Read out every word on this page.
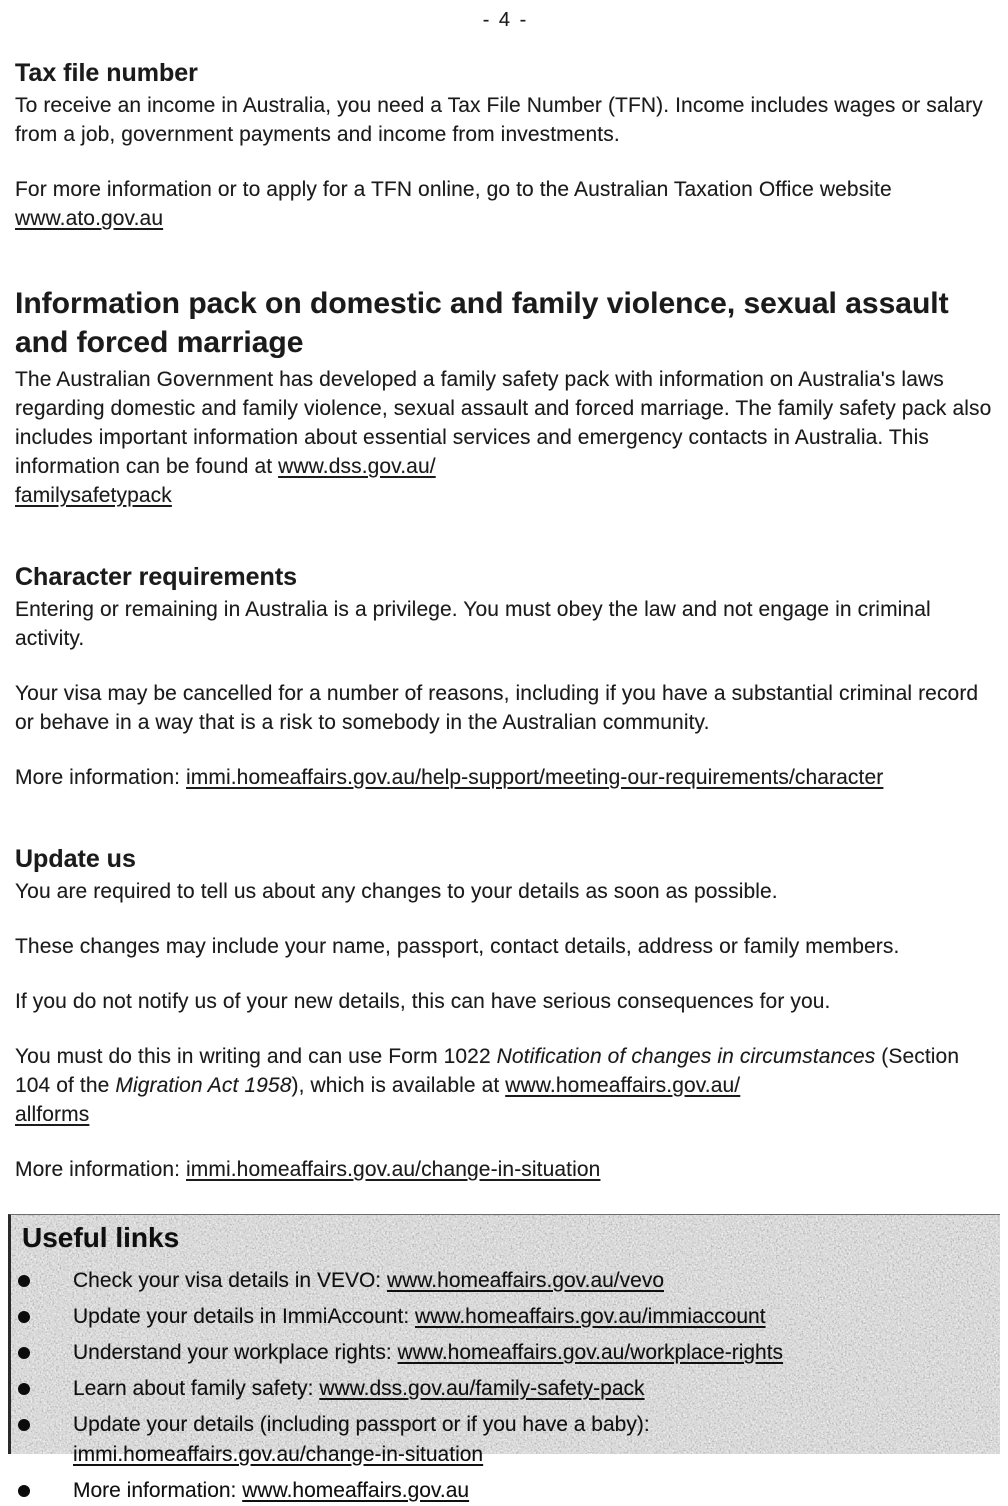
- 4 -
Tax file number

To receive an income in Australia, you need a Tax File Number (TFN). Income includes wages or salary from a job, government payments and income from investments.

For more information or to apply for a TFN online, go to the Australian Taxation Office website www.ato.gov.au

Information pack on domestic and family violence, sexual assault
and forced marriage

The Australian Government has developed a family safety pack with information on Australia's laws regarding domestic and family violence, sexual assault and forced marriage. The family safety pack also includes important information about essential services and emergency contacts in Australia. This information can be found at www.dss.gov.au/
familysafetypack

Character requirements

Entering or remaining in Australia is a privilege. You must obey the law and not engage in criminal activity.

Your visa may be cancelled for a number of reasons, including if you have a substantial criminal record or behave in a way that is a risk to somebody in the Australian community.

More information: immi.homeaffairs.gov.au/help-support/meeting-our-requirements/character

Update us

You are required to tell us about any changes to your details as soon as possible.

These changes may include your name, passport, contact details, address or family members.

If you do not notify us of your new details, this can have serious consequences for you.

You must do this in writing and can use Form 1022 Notification of changes in circumstances (Section 104 of the Migration Act 1958), which is available at www.homeaffairs.gov.au/
allforms

More information: immi.homeaffairs.gov.au/change-in-situation

Useful links
Check your visa details in VEVO: www.homeaffairs.gov.au/vevo
Update your details in ImmiAccount: www.homeaffairs.gov.au/immiaccount
Understand your workplace rights: www.homeaffairs.gov.au/workplace-rights
Learn about family safety: www.dss.gov.au/family-safety-pack
Update your details (including passport or if you have a baby):
immi.homeaffairs.gov.au/change-in-situation
More information: www.homeaffairs.gov.au
